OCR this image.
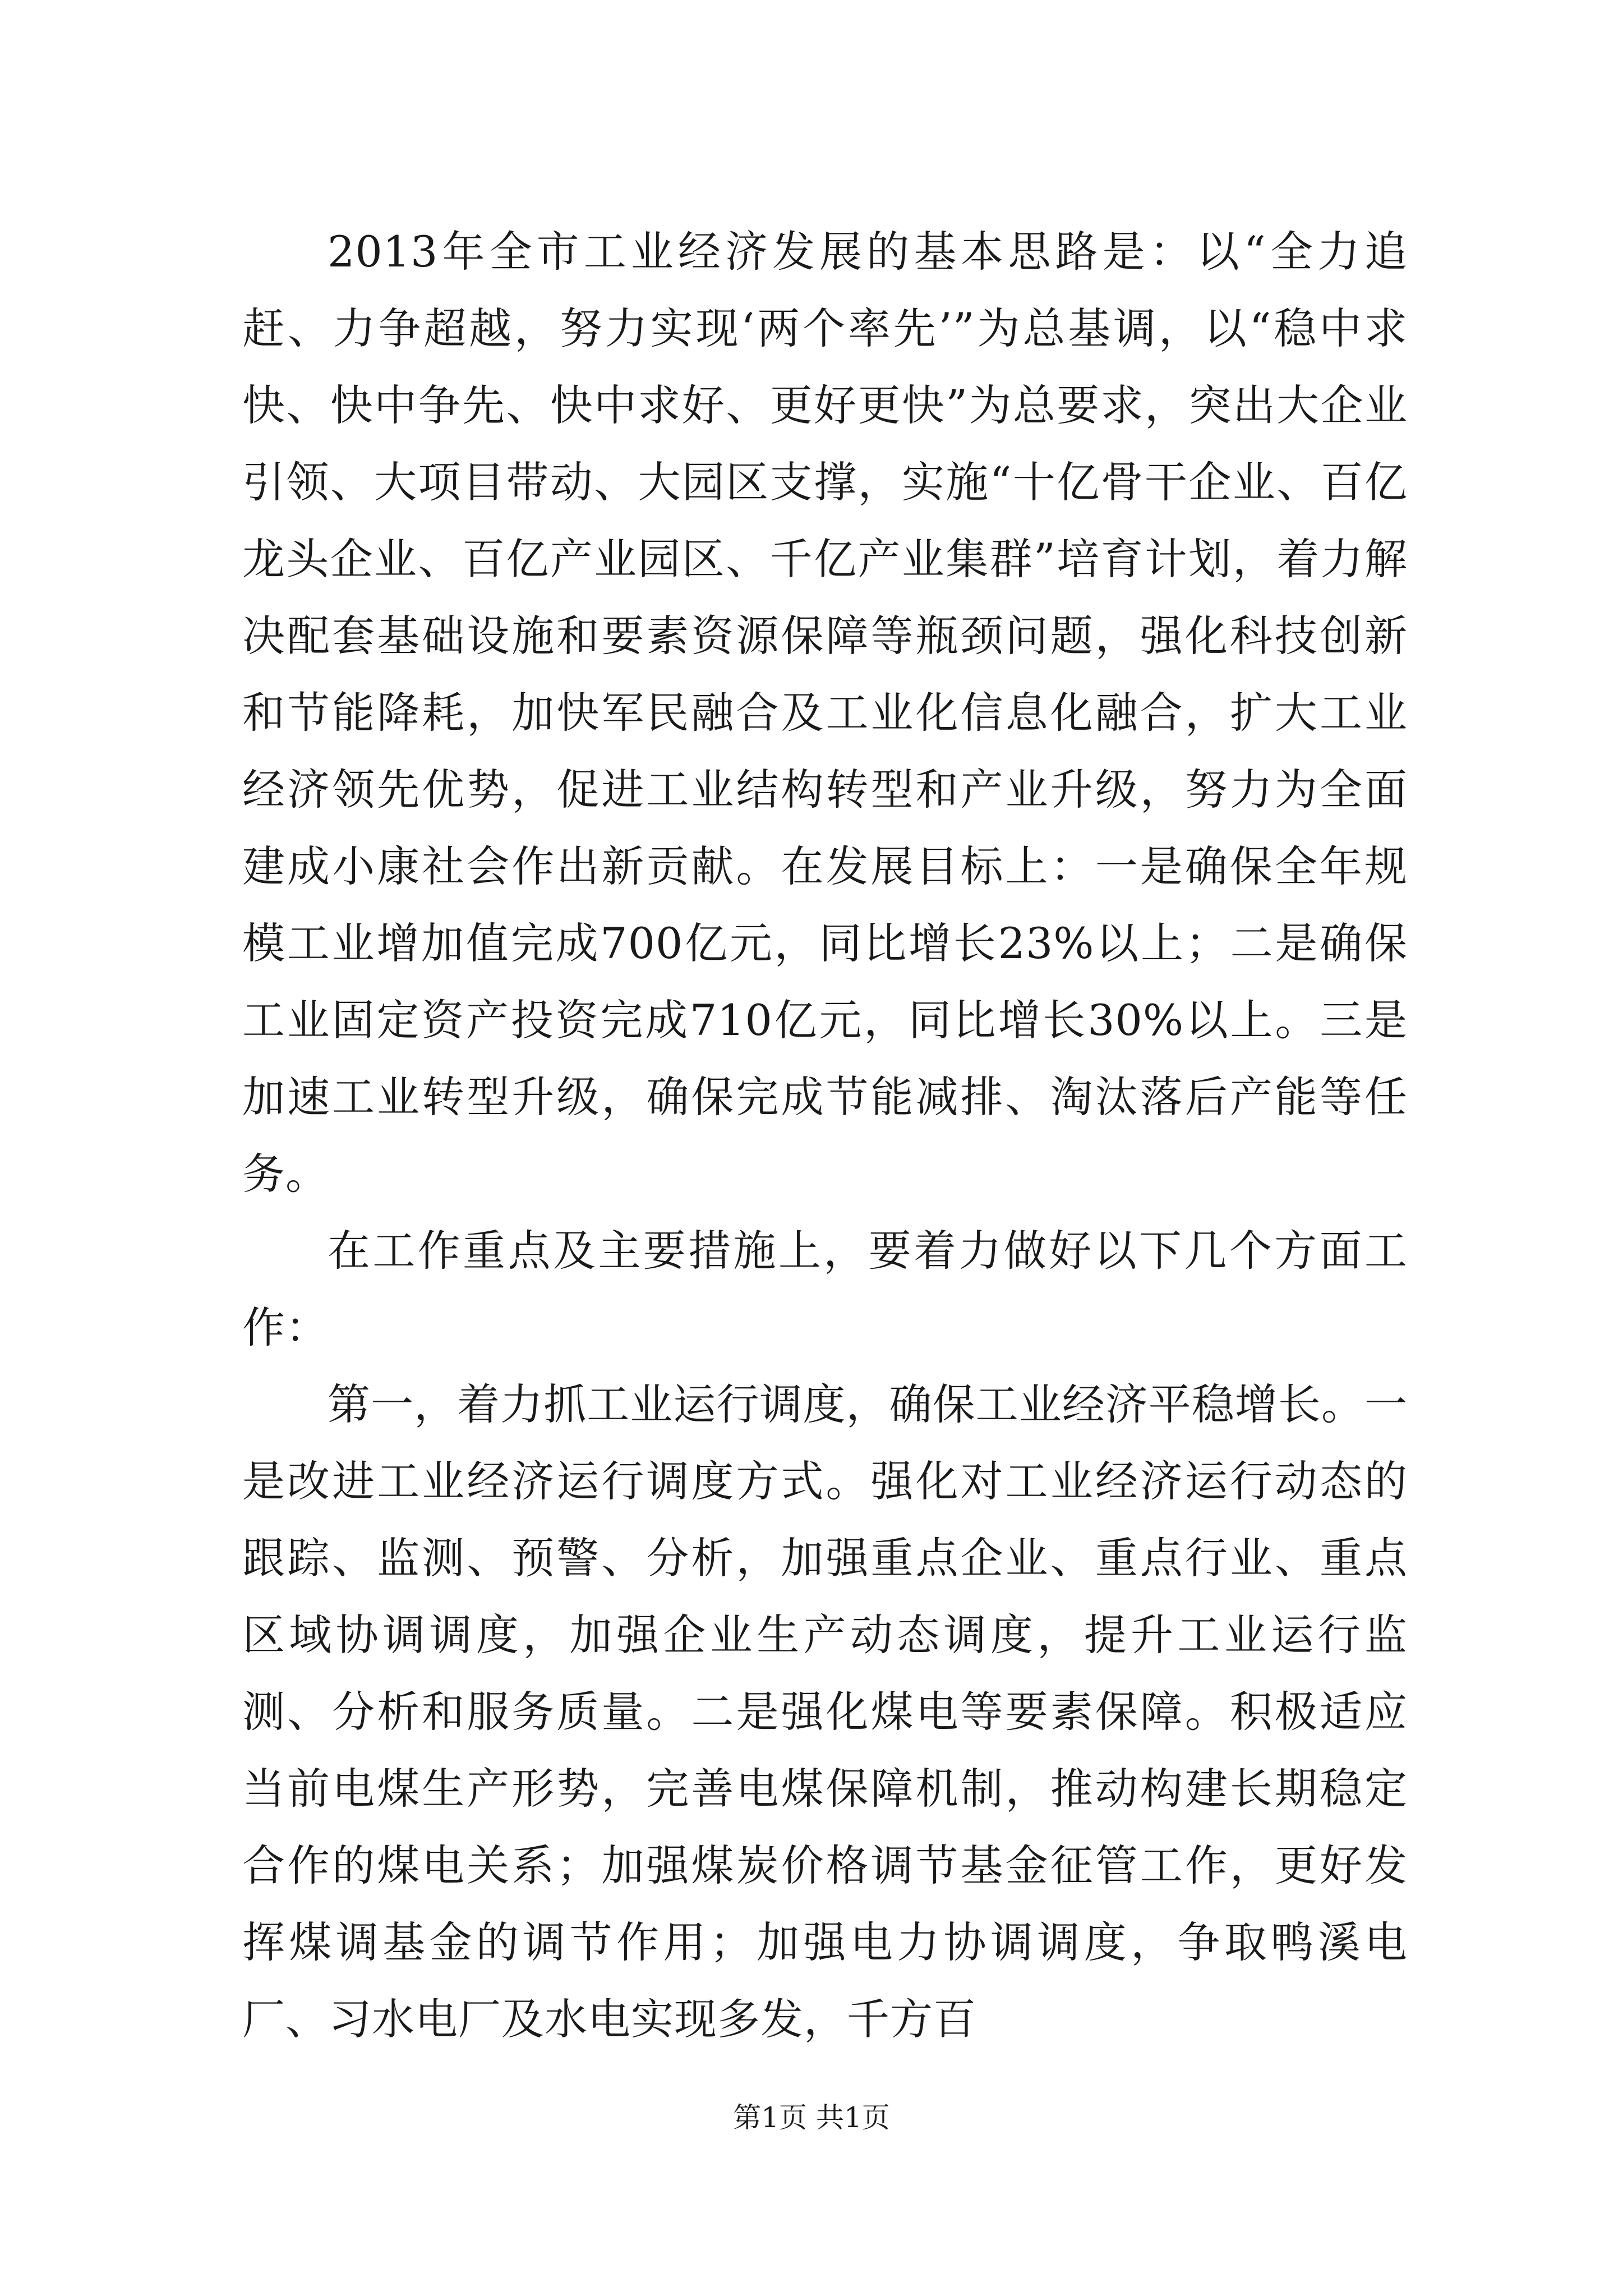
2013年全市工业经济发展的基本思路是：以“全力追赶、力争超越，努力实现‘两个率先’”为总基调，以“稳中求快、快中争先、快中求好、更好更快”为总要求，突出大企业引领、大项目带动、大园区支撑，实施“十亿骨干企业、百亿龙头企业、百亿产业园区、千亿产业集群”培育计划，着力解决配套基础设施和要素资源保障等瓶颈问题，强化科技创新和节能降耗，加快军民融合及工业化信息化融合，扩大工业经济领先优势，促进工业结构转型和产业升级，努力为全面建成小康社会作出新贡献。在发展目标上：一是确保全年规模工业增加值完成700亿元，同比增长23%以上；二是确保工业固定资产投资完成710亿元，同比增长30%以上。三是加速工业转型升级，确保完成节能减排、淘汰落后产能等任务。

在工作重点及主要措施上，要着力做好以下几个方面工作：

第一，着力抓工业运行调度，确保工业经济平稳增长。一是改进工业经济运行调度方式。强化对工业经济运行动态的跟踪、监测、预警、分析，加强重点企业、重点行业、重点区域协调调度，加强企业生产动态调度，提升工业运行监测、分析和服务质量。二是强化煤电等要素保障。积极适应当前电煤生产形势，完善电煤保障机制，推动构建长期稳定合作的煤电关系；加强煤炭价格调节基金征管工作，更好发挥煤调基金的调节作用；加强电力协调调度，争取鸭溪电厂、习水电厂及水电实现多发，千方百

第1页 共1页
